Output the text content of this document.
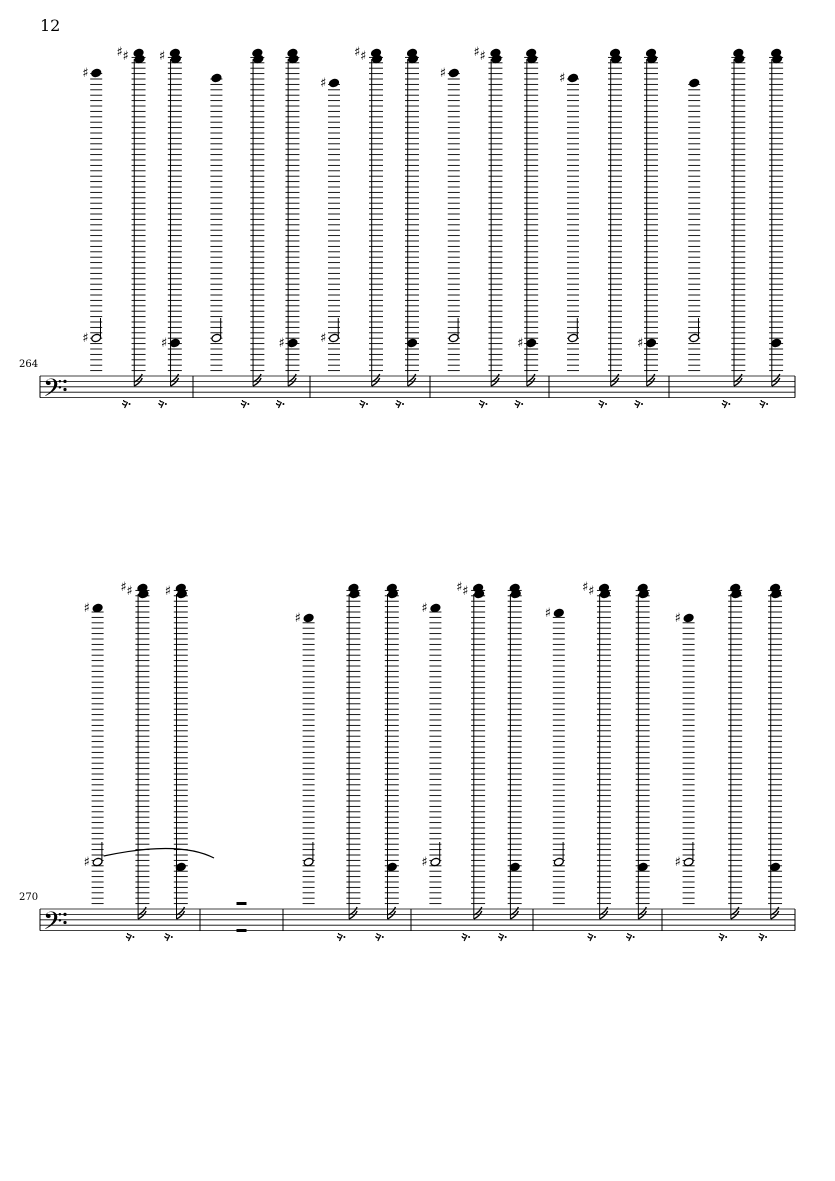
12
264
270
𝄢
♯
♯
♯
♯	♯
♯	♯
♯
♯
♯
♯
♯
♯
♯
♯
♯
♯
𝄢
♯
♯
♯
♯	♯
♯
♯
♯
♯
♯
♯
♯
♯
♯
♯
